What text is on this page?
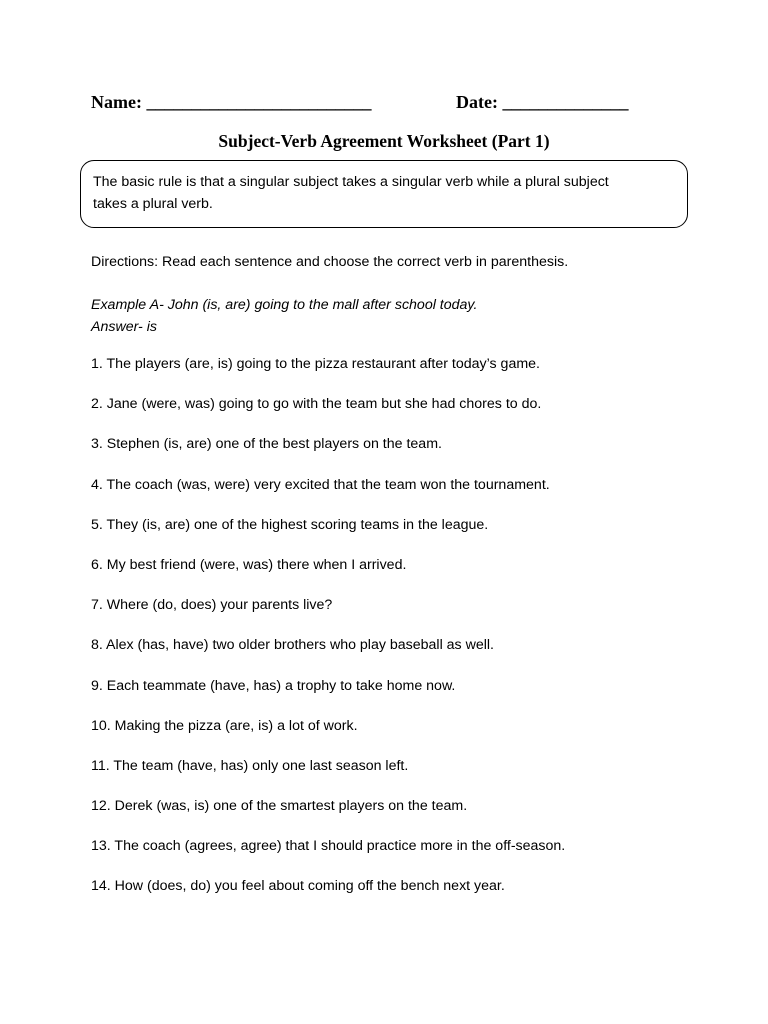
Name: _________________________	Date: ______________
Subject-Verb Agreement Worksheet (Part 1)
The basic rule is that a singular subject takes a singular verb while a plural subject
takes a plural verb.
Directions: Read each sentence and choose the correct verb in parenthesis.
Example A- John (is, are) going to the mall after school today.
Answer- is
1. The players (are, is) going to the pizza restaurant after today’s game.
2. Jane (were, was) going to go with the team but she had chores to do.
3. Stephen (is, are) one of the best players on the team.
4. The coach (was, were) very excited that the team won the tournament.
5. They (is, are) one of the highest scoring teams in the league.
6. My best friend (were, was) there when I arrived.
7. Where (do, does) your parents live?
8. Alex (has, have) two older brothers who play baseball as well.
9. Each teammate (have, has) a trophy to take home now.
10. Making the pizza (are, is) a lot of work.
11. The team (have, has) only one last season left.
12. Derek (was, is) one of the smartest players on the team.
13. The coach (agrees, agree) that I should practice more in the off-season.
14. How (does, do) you feel about coming off the bench next year.
